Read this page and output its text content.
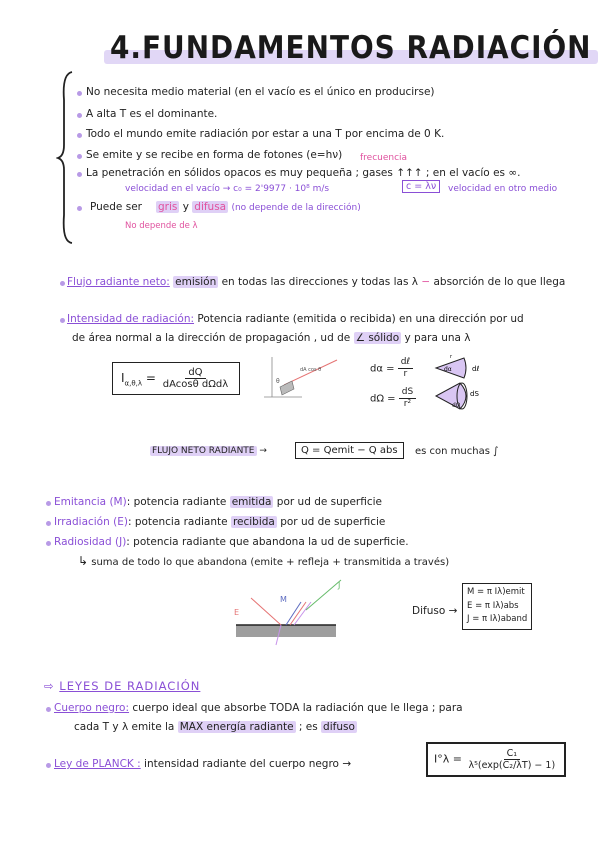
4.FUNDAMENTOS RADIACIÓN
No necesita medio material (en el vacío es el único en producirse)
A alta T es el dominante.
Todo el mundo emite radiación por estar a una T por encima de 0 K.
Se emite y se recibe en forma de fotones (e=hν) frecuencia
La penetración en sólidos opacos es muy pequeña ; gases ↑↑↑ ; en el vacío es ∞.
velocidad en el vacío → c₀ = 2'9977 · 10⁸ m/s	c = λν	velocidad en otro medio
Puede ser gris y difusa (no depende de la dirección)
No depende de λ
Flujo radiante neto: emisión en todas las direcciones y todas las λ − absorción de lo que llega
Intensidad de radiación: Potencia radiante (emitida o recibida) en una dirección por ud
de área normal a la dirección de propagación , ud de ∠ sólido y para una λ
$I_{\alpha,\theta,\lambda} = \frac{dQ}{\text{dAcosθ dΩdλ}}$	dA cos θ
θ
$d\alpha = \frac{\text{dℓ}}{r}$
$d\Omega = \frac{dS}{\text{r²}}$
dα	dℓ
r
dS
dΩ
FLUJO NETO RADIANTE →	Q = Qemit − Q abs	es con muchas ∫
Emitancia (M): potencia radiante emitida por ud de superficie
Irradiación (E): potencia radiante recibida por ud de superficie
Radiosidad (J): potencia radiante que abandona la ud de superficie.
↳ suma de todo lo que abandona (emite + refleja + transmitida a través)
E
M
J
Difuso →
M = π Iλ)emit
E = π Iλ)abs
J = π Iλ)aband
⇨ LEYES DE RADIACIÓN
Cuerpo negro: cuerpo ideal que absorbe TODA la radiación que le llega ; para
cada T y λ emite la MAX energía radiante ; es difuso
Ley de PLANCK : intensidad radiante del cuerpo negro →	$I^\circ\lambda = \frac{\text{C₁}}{\text{λ⁵(exp(C₂/λT) − 1)}}$
